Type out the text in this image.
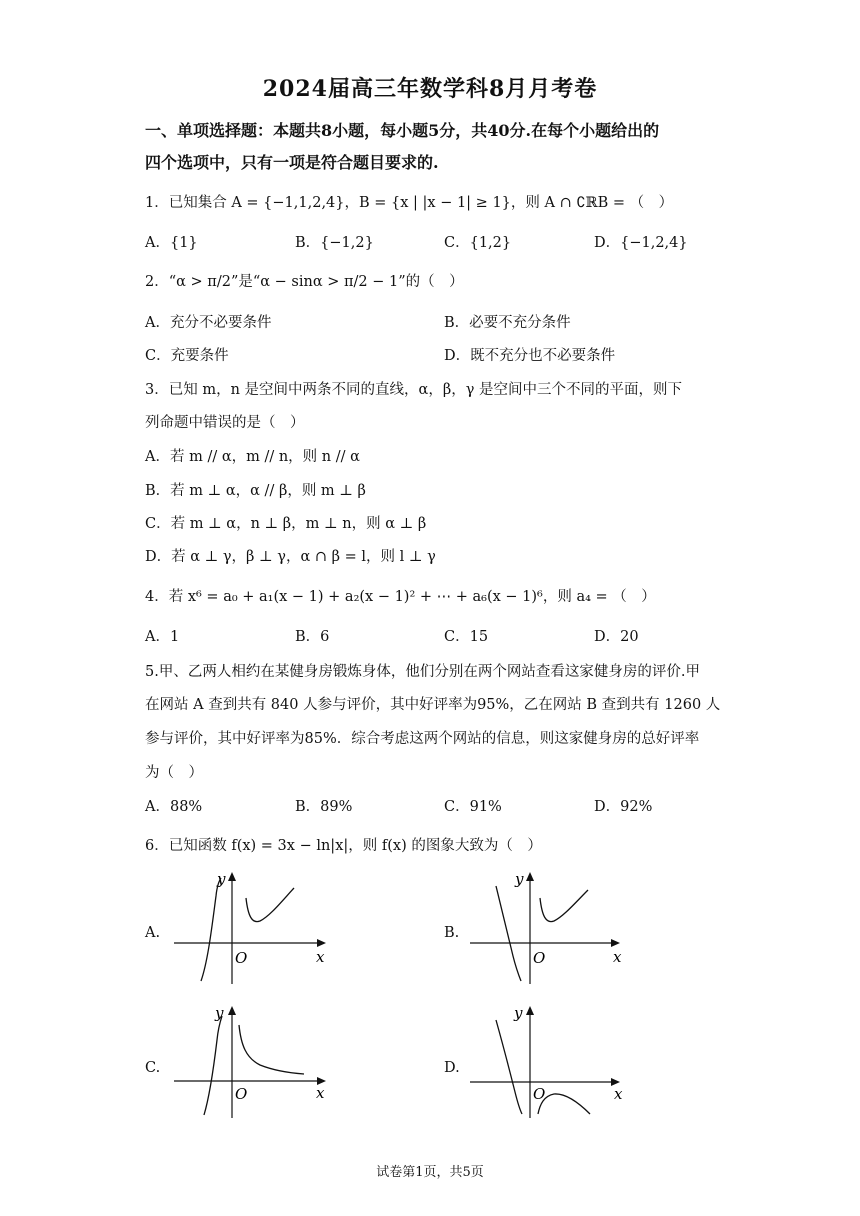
2024届高三年数学科8月月考卷
一、单项选择题：本题共8小题，每小题5分，共40分.在每个小题给出的
四个选项中，只有一项是符合题目要求的.
1．已知集合 A = {−1,1,2,4}，B = {x | |x − 1| ≥ 1}，则 A ∩ ∁ℝB = （　）
A．{1}	B．{−1,2}	C．{1,2}	D．{−1,2,4}
2．“α > π/2”是“α − sinα > π/2 − 1”的（　）
A．充分不必要条件	B．必要不充分条件
C．充要条件	D．既不充分也不必要条件
3．已知 m，n 是空间中两条不同的直线，α，β，γ 是空间中三个不同的平面，则下
列命题中错误的是（　）
A．若 m // α，m // n，则 n // α
B．若 m ⊥ α，α // β，则 m ⊥ β
C．若 m ⊥ α，n ⊥ β，m ⊥ n，则 α ⊥ β
D．若 α ⊥ γ，β ⊥ γ，α ∩ β = l，则 l ⊥ γ
4．若 x⁶ = a₀ + a₁(x − 1) + a₂(x − 1)² + ⋯ + a₆(x − 1)⁶，则 a₄ = （　）
A．1	B．6	C．15	D．20
5.甲、乙两人相约在某健身房锻炼身体，他们分别在两个网站查看这家健身房的评价.甲
在网站 A 查到共有 840 人参与评价，其中好评率为95%，乙在网站 B 查到共有 1260 人
参与评价，其中好评率为85%．综合考虑这两个网站的信息，则这家健身房的总好评率
为（　）
A．88%	B．89%	C．91%	D．92%
6．已知函数 f(x) = 3x − ln|x|，则 f(x) 的图象大致为（　）
A.	B.
C.	D.
y
x
O
y
x
O
y
x
O
y
x
O
试卷第1页，共5页
